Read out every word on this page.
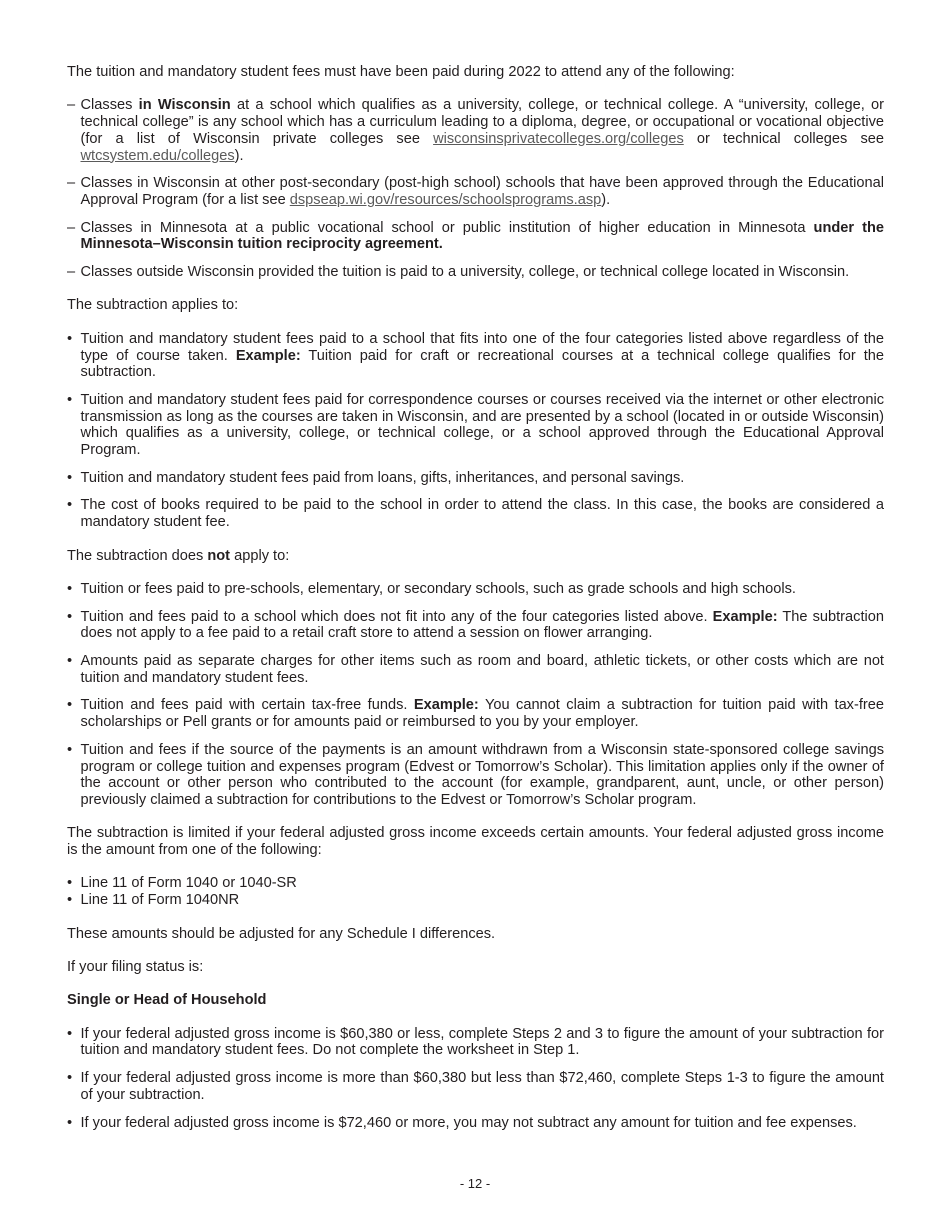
The tuition and mandatory student fees must have been paid during 2022 to attend any of the following:

– Classes in Wisconsin at a school which qualifies as a university, college, or technical college. A “university, college, or technical college” is any school which has a curriculum leading to a diploma, degree, or occupational or vocational objective (for a list of Wisconsin private colleges see wisconsinsprivatecolleges.org/colleges or technical colleges see wtcsystem.edu/colleges).
– Classes in Wisconsin at other post-secondary (post-high school) schools that have been approved through the Educational Approval Program (for a list see dspseap.wi.gov/resources/schoolsprograms.asp).
– Classes in Minnesota at a public vocational school or public institution of higher education in Minnesota under the Minnesota–Wisconsin tuition reciprocity agreement.
– Classes outside Wisconsin provided the tuition is paid to a university, college, or technical college located in Wisconsin.

The subtraction applies to:

• Tuition and mandatory student fees paid to a school that fits into one of the four categories listed above regardless of the type of course taken. Example: Tuition paid for craft or recreational courses at a technical college qualifies for the subtraction.
• Tuition and mandatory student fees paid for correspondence courses or courses received via the internet or other electronic transmission as long as the courses are taken in Wisconsin, and are presented by a school (located in or outside Wisconsin) which qualifies as a university, college, or technical college, or a school approved through the Educational Approval Program.
• Tuition and mandatory student fees paid from loans, gifts, inheritances, and personal savings.
• The cost of books required to be paid to the school in order to attend the class. In this case, the books are considered a mandatory student fee.

The subtraction does not apply to:

• Tuition or fees paid to pre-schools, elementary, or secondary schools, such as grade schools and high schools.
• Tuition and fees paid to a school which does not fit into any of the four categories listed above. Example: The subtraction does not apply to a fee paid to a retail craft store to attend a session on flower arranging.
• Amounts paid as separate charges for other items such as room and board, athletic tickets, or other costs which are not tuition and mandatory student fees.
• Tuition and fees paid with certain tax-free funds. Example: You cannot claim a subtraction for tuition paid with tax-free scholarships or Pell grants or for amounts paid or reimbursed to you by your employer.
• Tuition and fees if the source of the payments is an amount withdrawn from a Wisconsin state-sponsored college savings program or college tuition and expenses program (Edvest or Tomorrow’s Scholar). This limitation applies only if the owner of the account or other person who contributed to the account (for example, grandparent, aunt, uncle, or other person) previously claimed a subtraction for contributions to the Edvest or Tomorrow’s Scholar program.

The subtraction is limited if your federal adjusted gross income exceeds certain amounts. Your federal adjusted gross income is the amount from one of the following:

• Line 11 of Form 1040 or 1040-SR
• Line 11 of Form 1040NR

These amounts should be adjusted for any Schedule I differences.

If your filing status is:

Single or Head of Household

• If your federal adjusted gross income is $60,380 or less, complete Steps 2 and 3 to figure the amount of your subtraction for tuition and mandatory student fees. Do not complete the worksheet in Step 1.
• If your federal adjusted gross income is more than $60,380 but less than $72,460, complete Steps 1-3 to figure the amount of your subtraction.
• If your federal adjusted gross income is $72,460 or more, you may not subtract any amount for tuition and fee expenses.
- 12 -
